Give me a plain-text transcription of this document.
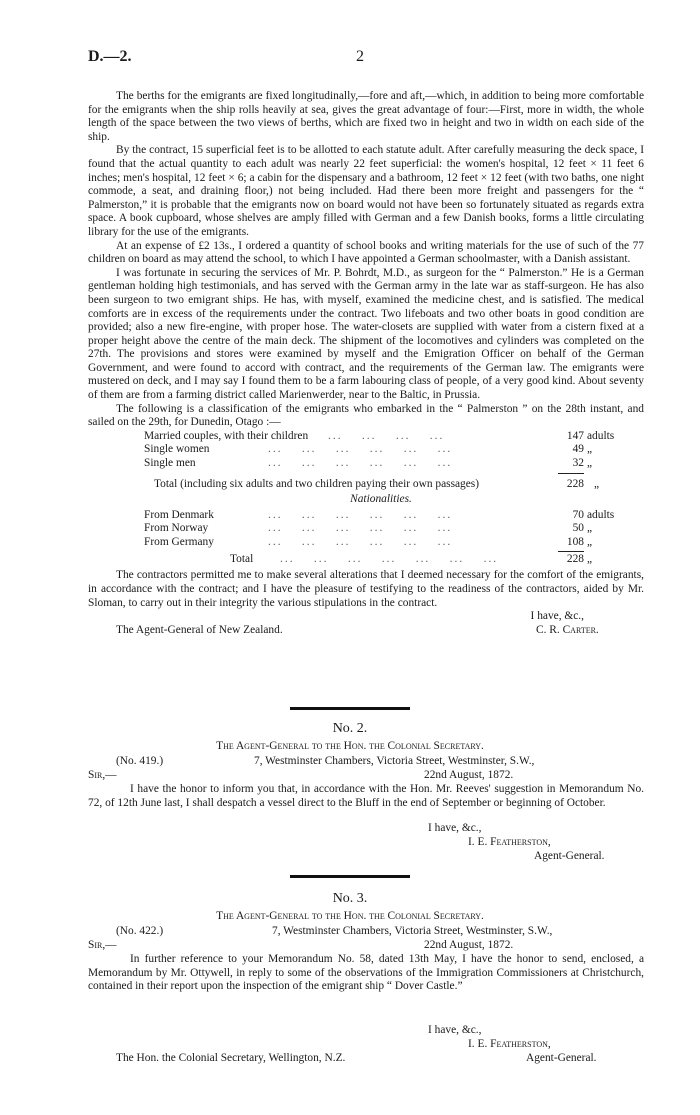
D.—2.	2

The berths for the emigrants are fixed longitudinally,—fore and aft,—which, in addition to being more comfortable for the emigrants when the ship rolls heavily at sea, gives the great advantage of four:—First, more in width, the whole length of the space between the two views of berths, which are fixed two in height and two in width on each side of the ship.

By the contract, 15 superficial feet is to be allotted to each statute adult. After carefully measuring the deck space, I found that the actual quantity to each adult was nearly 22 feet superficial: the women's hospital, 12 feet × 11 feet 6 inches; men's hospital, 12 feet × 6; a cabin for the dispensary and a bathroom, 12 feet × 12 feet (with two baths, one night commode, a seat, and draining floor,) not being included. Had there been more freight and passengers for the “ Palmerston,” it is probable that the emigrants now on board would not have been so fortunately situated as regards extra space. A book cupboard, whose shelves are amply filled with German and a few Danish books, forms a little circulating library for the use of the emigrants.

At an expense of £2 13s., I ordered a quantity of school books and writing materials for the use of such of the 77 children on board as may attend the school, to which I have appointed a German schoolmaster, with a Danish assistant.

I was fortunate in securing the services of Mr. P. Bohrdt, M.D., as surgeon for the “ Palmerston.” He is a German gentleman holding high testimonials, and has served with the German army in the late war as staff-surgeon. He has also been surgeon to two emigrant ships. He has, with myself, examined the medicine chest, and is satisfied. The medical comforts are in excess of the requirements under the contract. Two lifeboats and two other boats in good condition are provided; also a new fire-engine, with proper hose. The water-closets are supplied with water from a cistern fixed at a proper height above the centre of the main deck. The shipment of the locomotives and cylinders was completed on the 27th. The provisions and stores were examined by myself and the Emigration Officer on behalf of the German Government, and were found to accord with contract, and the requirements of the German law. The emigrants were mustered on deck, and I may say I found them to be a farm labouring class of people, of a very good kind. About seventy of them are from a farming district called Marienwerder, near to the Baltic, in Prussia.

The following is a classification of the emigrants who embarked in the “ Palmerston ” on the 28th instant, and sailed on the 29th, for Dunedin, Otago :—

Married couples, with their children ...    ...    ...    ...	147 adults
Single women	...    ...    ...    ...    ...    ...	49 „
Single men	...    ...    ...    ...    ...    ...	32 „
Total (including six adults and two children paying their own passages)	228 „
Nationalities.
From Denmark	...    ...    ...    ...    ...    ...	70 adults
From Norway	...    ...    ...    ...    ...    ...	50 „
From Germany	...    ...    ...    ...    ...    ...	108 „
Total ...    ...    ...    ...    ...    ...    ...	228 „

The contractors permitted me to make several alterations that I deemed necessary for the comfort of the emigrants, in accordance with the contract; and I have the pleasure of testifying to the readiness of the contractors, aided by Mr. Sloman, to carry out in their integrity the various stipulations in the contract.

I have, &c.,
The Agent-General of New Zealand.	C. R. Carter.
No. 2.
The Agent-General to the Hon. the Colonial Secretary.
(No. 419.)	7, Westminster Chambers, Victoria Street, Westminster, S.W.,
Sir,—	22nd August, 1872.

I have the honor to inform you that, in accordance with the Hon. Mr. Reeves' suggestion in Memorandum No. 72, of 12th June last, I shall despatch a vessel direct to the Bluff in the end of September or beginning of October.

I have, &c.,
I. E. Featherston,
Agent-General.
No. 3.
The Agent-General to the Hon. the Colonial Secretary.
(No. 422.)	7, Westminster Chambers, Victoria Street, Westminster, S.W.,
Sir,—	22nd August, 1872.

In further reference to your Memorandum No. 58, dated 13th May, I have the honor to send, enclosed, a Memorandum by Mr. Ottywell, in reply to some of the observations of the Immigration Commissioners at Christchurch, contained in their report upon the inspection of the emigrant ship “ Dover Castle.”

I have, &c.,
I. E. Featherston,
The Hon. the Colonial Secretary, Wellington, N.Z.	Agent-General.
